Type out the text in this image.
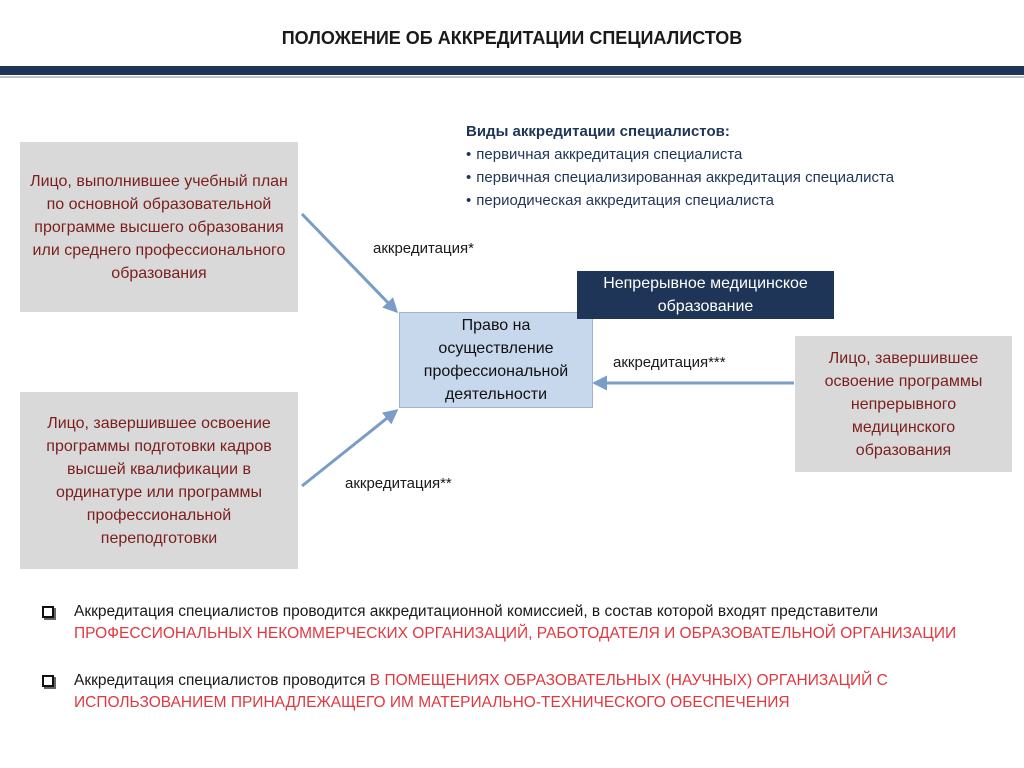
ПОЛОЖЕНИЕ ОБ АККРЕДИТАЦИИ СПЕЦИАЛИСТОВ
Виды аккредитации специалистов:
• первичная аккредитация специалиста
• первичная специализированная аккредитация специалиста
• периодическая аккредитация специалиста
Лицо, выполнившее учебный план по основной образовательной программе высшего образования или среднего профессионального образования
Лицо, завершившее освоение программы подготовки кадров высшей квалификации в ординатуре или программы профессиональной переподготовки
Право на осуществление профессиональной деятельности
Непрерывное медицинское образование
Лицо, завершившее освоение программы непрерывного медицинского образования
аккредитация*
аккредитация**
аккредитация***
Аккредитация специалистов проводится аккредитационной комиссией, в состав которой входят представители ПРОФЕССИОНАЛЬНЫХ НЕКОММЕРЧЕСКИХ ОРГАНИЗАЦИЙ, РАБОТОДАТЕЛЯ И ОБРАЗОВАТЕЛЬНОЙ ОРГАНИЗАЦИИ
Аккредитация специалистов проводится В ПОМЕЩЕНИЯХ ОБРАЗОВАТЕЛЬНЫХ (НАУЧНЫХ) ОРГАНИЗАЦИЙ С ИСПОЛЬЗОВАНИЕМ ПРИНАДЛЕЖАЩЕГО ИМ МАТЕРИАЛЬНО-ТЕХНИЧЕСКОГО ОБЕСПЕЧЕНИЯ
